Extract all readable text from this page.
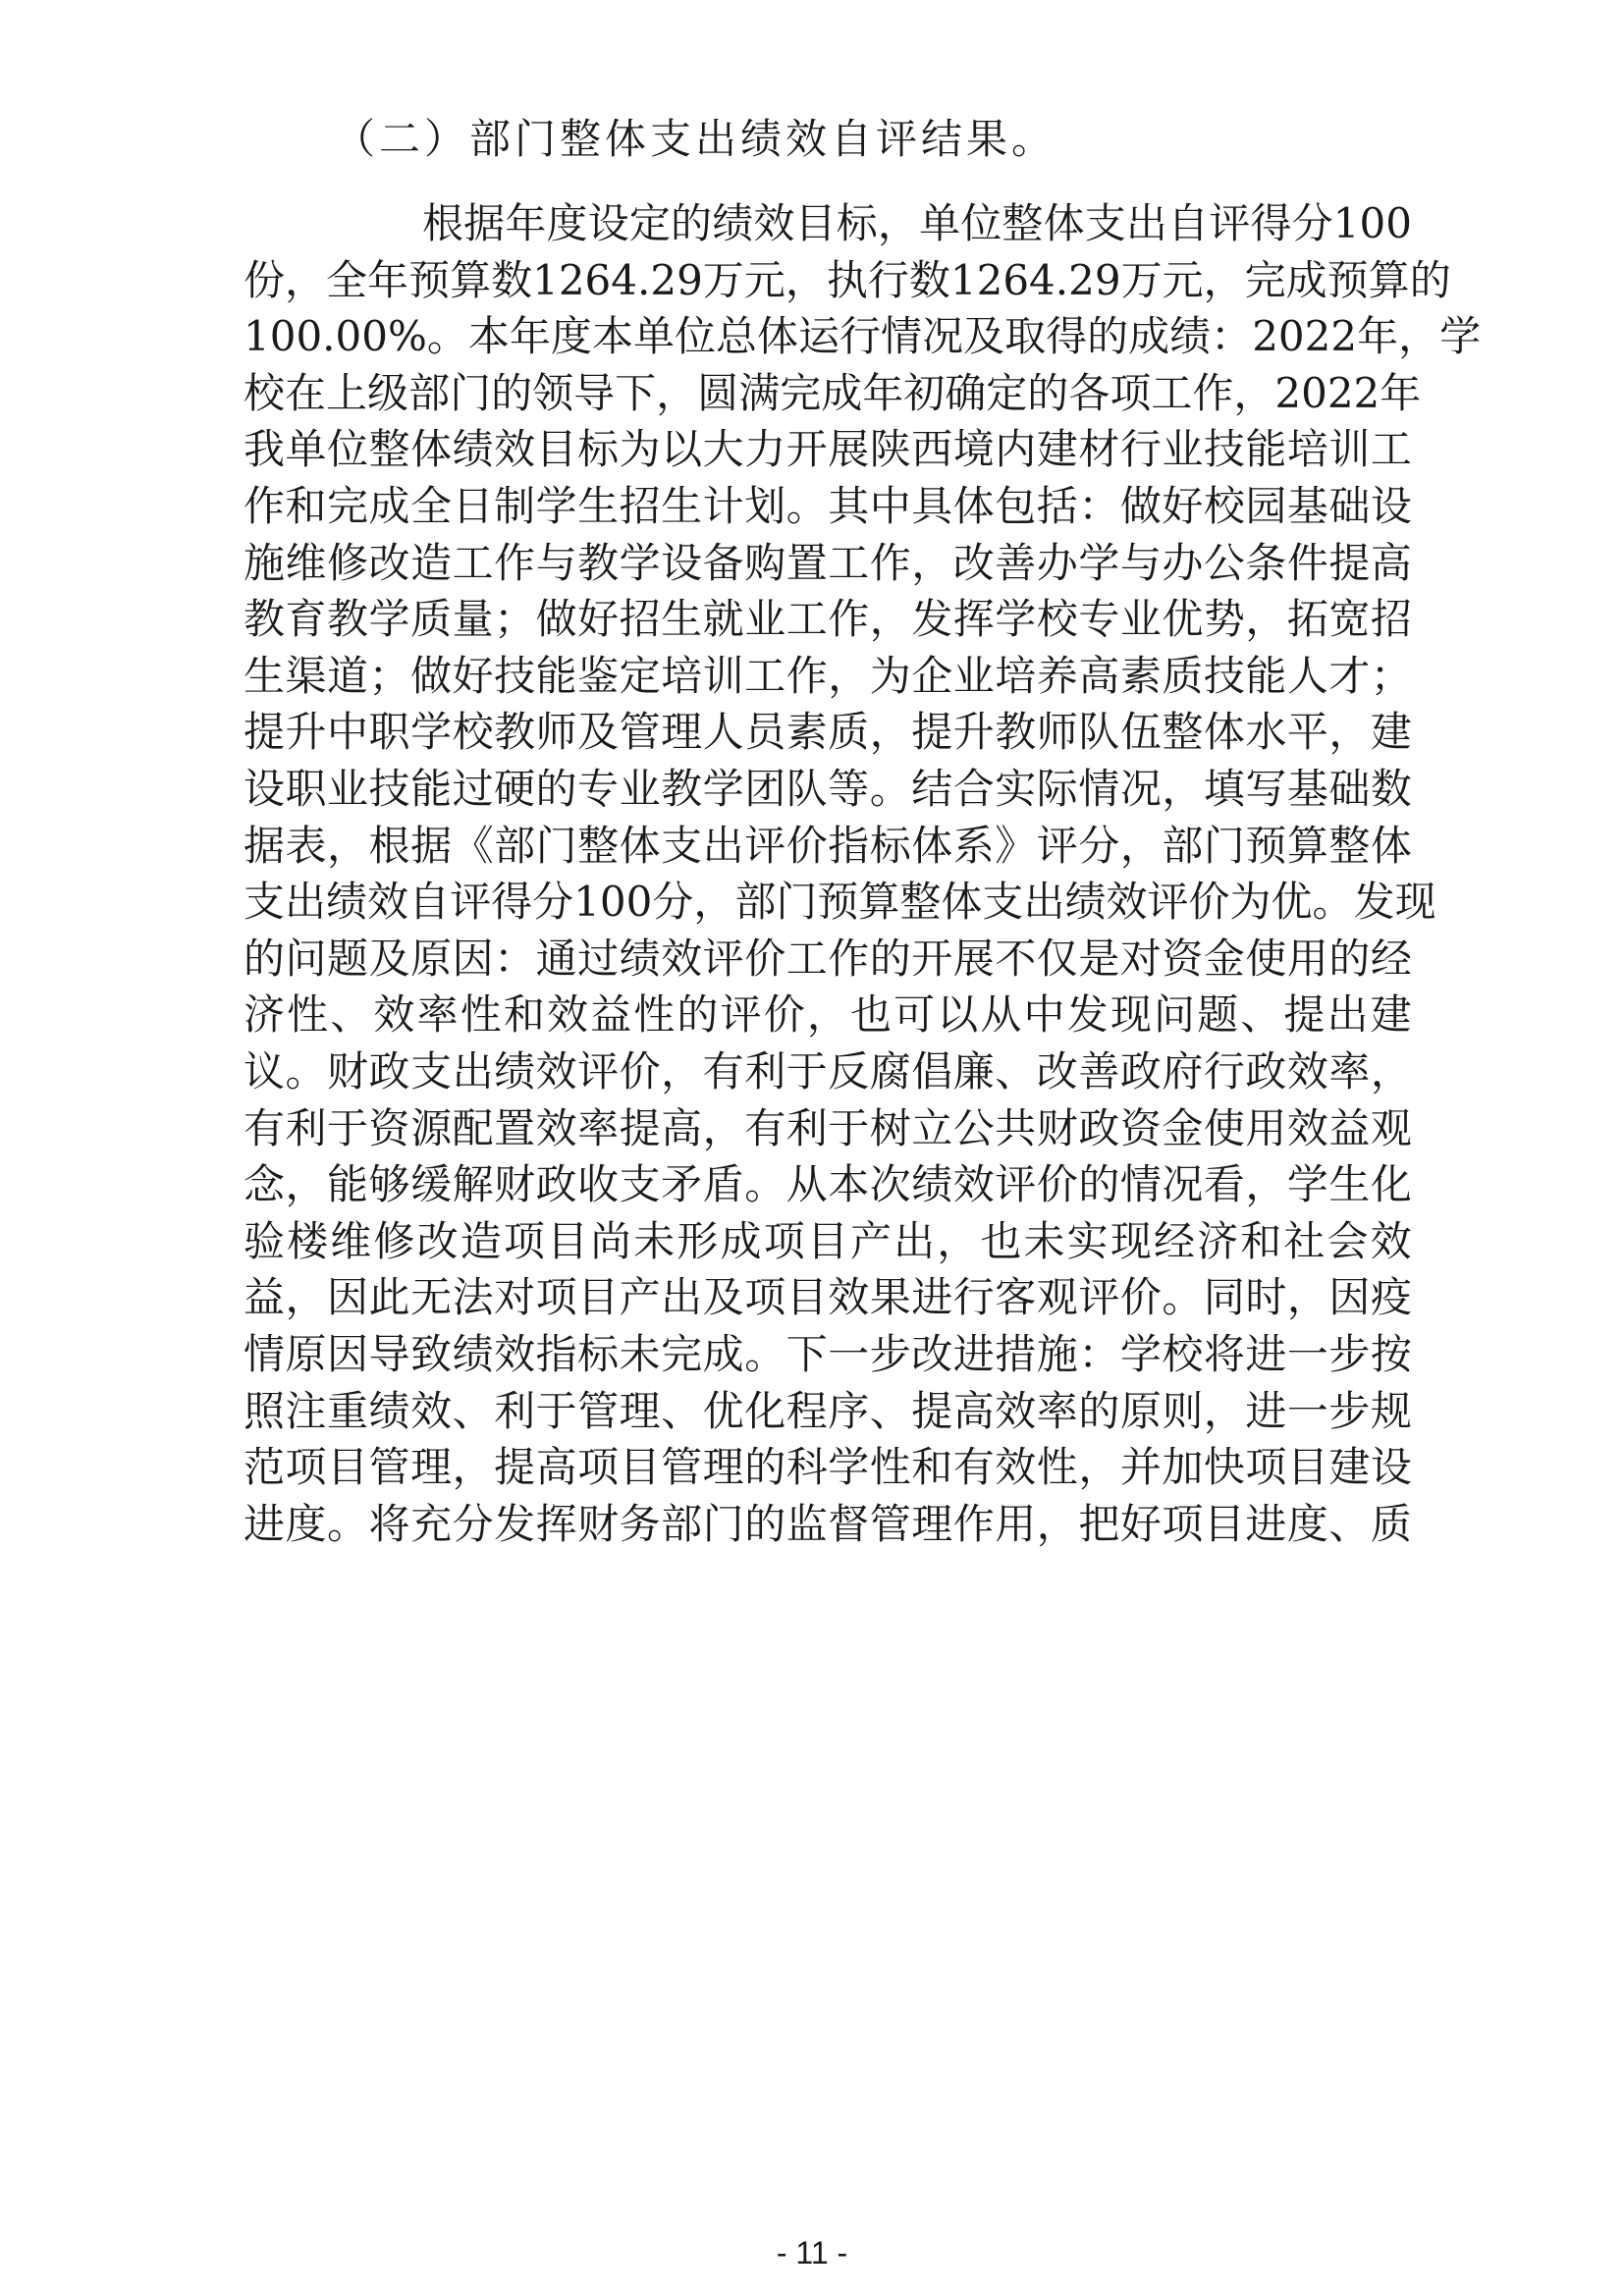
（二）部门整体支出绩效自评结果。
根 据 年 度 设 定 的 绩 效 目 标 ， 单 位 整 体 支 出 自 评 得 分 100
份 ， 全 年 预 算 数 1264.29 万 元 ， 执 行 数 1264.29 万 元 ， 完 成 预 算 的
100.00% 。 本 年 度 本 单 位 总 体 运 行 情 况 及 取 得 的 成 绩 ： 2022 年 ， 学
校 在 上 级 部 门 的 领 导 下 ， 圆 满 完 成 年 初 确 定 的 各 项 工 作 ， 2022 年
我 单 位 整 体 绩 效 目 标 为 以 大 力 开 展 陕 西 境 内 建 材 行 业 技 能 培 训 工
作 和 完 成 全 日 制 学 生 招 生 计 划 。 其 中 具 体 包 括 ： 做 好 校 园 基 础 设
施 维 修 改 造 工 作 与 教 学 设 备 购 置 工 作 ， 改 善 办 学 与 办 公 条 件 提 高
教 育 教 学 质 量 ； 做 好 招 生 就 业 工 作 ， 发 挥 学 校 专 业 优 势 ， 拓 宽 招
生 渠 道 ； 做 好 技 能 鉴 定 培 训 工 作 ， 为 企 业 培 养 高 素 质 技 能 人 才 ；
提 升 中 职 学 校 教 师 及 管 理 人 员 素 质 ， 提 升 教 师 队 伍 整 体 水 平 ， 建
设 职 业 技 能 过 硬 的 专 业 教 学 团 队 等 。 结 合 实 际 情 况 ， 填 写 基 础 数
据 表 ， 根 据 《 部 门 整 体 支 出 评 价 指 标 体 系 》 评 分 ， 部 门 预 算 整 体
支 出 绩 效 自 评 得 分 100 分 ， 部 门 预 算 整 体 支 出 绩 效 评 价 为 优 。 发 现
的 问 题 及 原 因 ： 通 过 绩 效 评 价 工 作 的 开 展 不 仅 是 对 资 金 使 用 的 经
济 性 、 效 率 性 和 效 益 性 的 评 价 ， 也 可 以 从 中 发 现 问 题 、 提 出 建
议 。 财 政 支 出 绩 效 评 价 ， 有 利 于 反 腐 倡 廉 、 改 善 政 府 行 政 效 率 ，
有 利 于 资 源 配 置 效 率 提 高 ， 有 利 于 树 立 公 共 财 政 资 金 使 用 效 益 观
念 ， 能 够 缓 解 财 政 收 支 矛 盾 。 从 本 次 绩 效 评 价 的 情 况 看 ， 学 生 化
验 楼 维 修 改 造 项 目 尚 未 形 成 项 目 产 出 ， 也 未 实 现 经 济 和 社 会 效
益 ， 因 此 无 法 对 项 目 产 出 及 项 目 效 果 进 行 客 观 评 价 。 同 时 ， 因 疫
情 原 因 导 致 绩 效 指 标 未 完 成 。 下 一 步 改 进 措 施 ： 学 校 将 进 一 步 按
照 注 重 绩 效 、 利 于 管 理 、 优 化 程 序 、 提 高 效 率 的 原 则 ， 进 一 步 规
范 项 目 管 理 ， 提 高 项 目 管 理 的 科 学 性 和 有 效 性 ， 并 加 快 项 目 建 设
进 度 。 将 充 分 发 挥 财 务 部 门 的 监 督 管 理 作 用 ， 把 好 项 目 进 度 、 质
- 11 -
